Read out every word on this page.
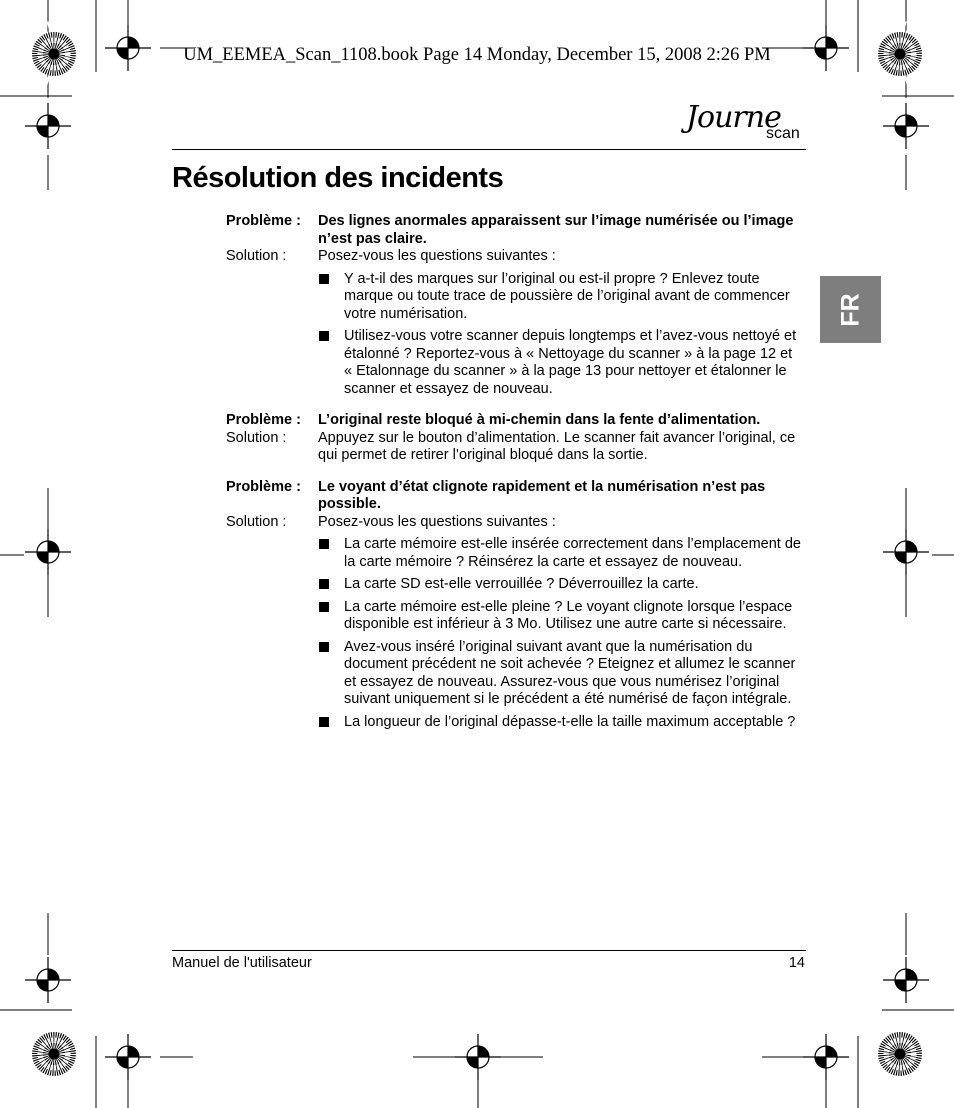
UM_EEMEA_Scan_1108.book Page 14 Monday, December 15, 2008 2:26 PM
Journe
scan
Résolution des incidents
FR
Problème :	Des lignes anormales apparaissent sur l’image numérisée ou l’image n’est pas claire.
Solution :	Posez-vous les questions suivantes :
Y a-t-il des marques sur l’original ou est-il propre ? Enlevez toute marque ou toute trace de poussière de l’original avant de commencer votre numérisation.
Utilisez-vous votre scanner depuis longtemps et l’avez-vous nettoyé et étalonné ? Reportez-vous à « Nettoyage du scanner » à la page 12 et « Etalonnage du scanner » à la page 13 pour nettoyer et étalonner le scanner et essayez de nouveau.
Problème :	L’original reste bloqué à mi-chemin dans la fente d’alimentation.
Solution :	Appuyez sur le bouton d’alimentation. Le scanner fait avancer l’original, ce qui permet de retirer l’original bloqué dans la sortie.
Problème :	Le voyant d’état clignote rapidement et la numérisation n’est pas possible.
Solution :	Posez-vous les questions suivantes :
La carte mémoire est-elle insérée correctement dans l’emplacement de la carte mémoire ? Réinsérez la carte et essayez de nouveau.
La carte SD est-elle verrouillée ? Déverrouillez la carte.
La carte mémoire est-elle pleine ? Le voyant clignote lorsque l’espace disponible est inférieur à 3 Mo. Utilisez une autre carte si nécessaire.
Avez-vous inséré l’original suivant avant que la numérisation du document précédent ne soit achevée ? Eteignez et allumez le scanner et essayez de nouveau. Assurez-vous que vous numérisez l’original suivant uniquement si le précédent a été numérisé de façon intégrale.
La longueur de l’original dépasse-t-elle la taille maximum acceptable ?
Manuel de l'utilisateur	14
